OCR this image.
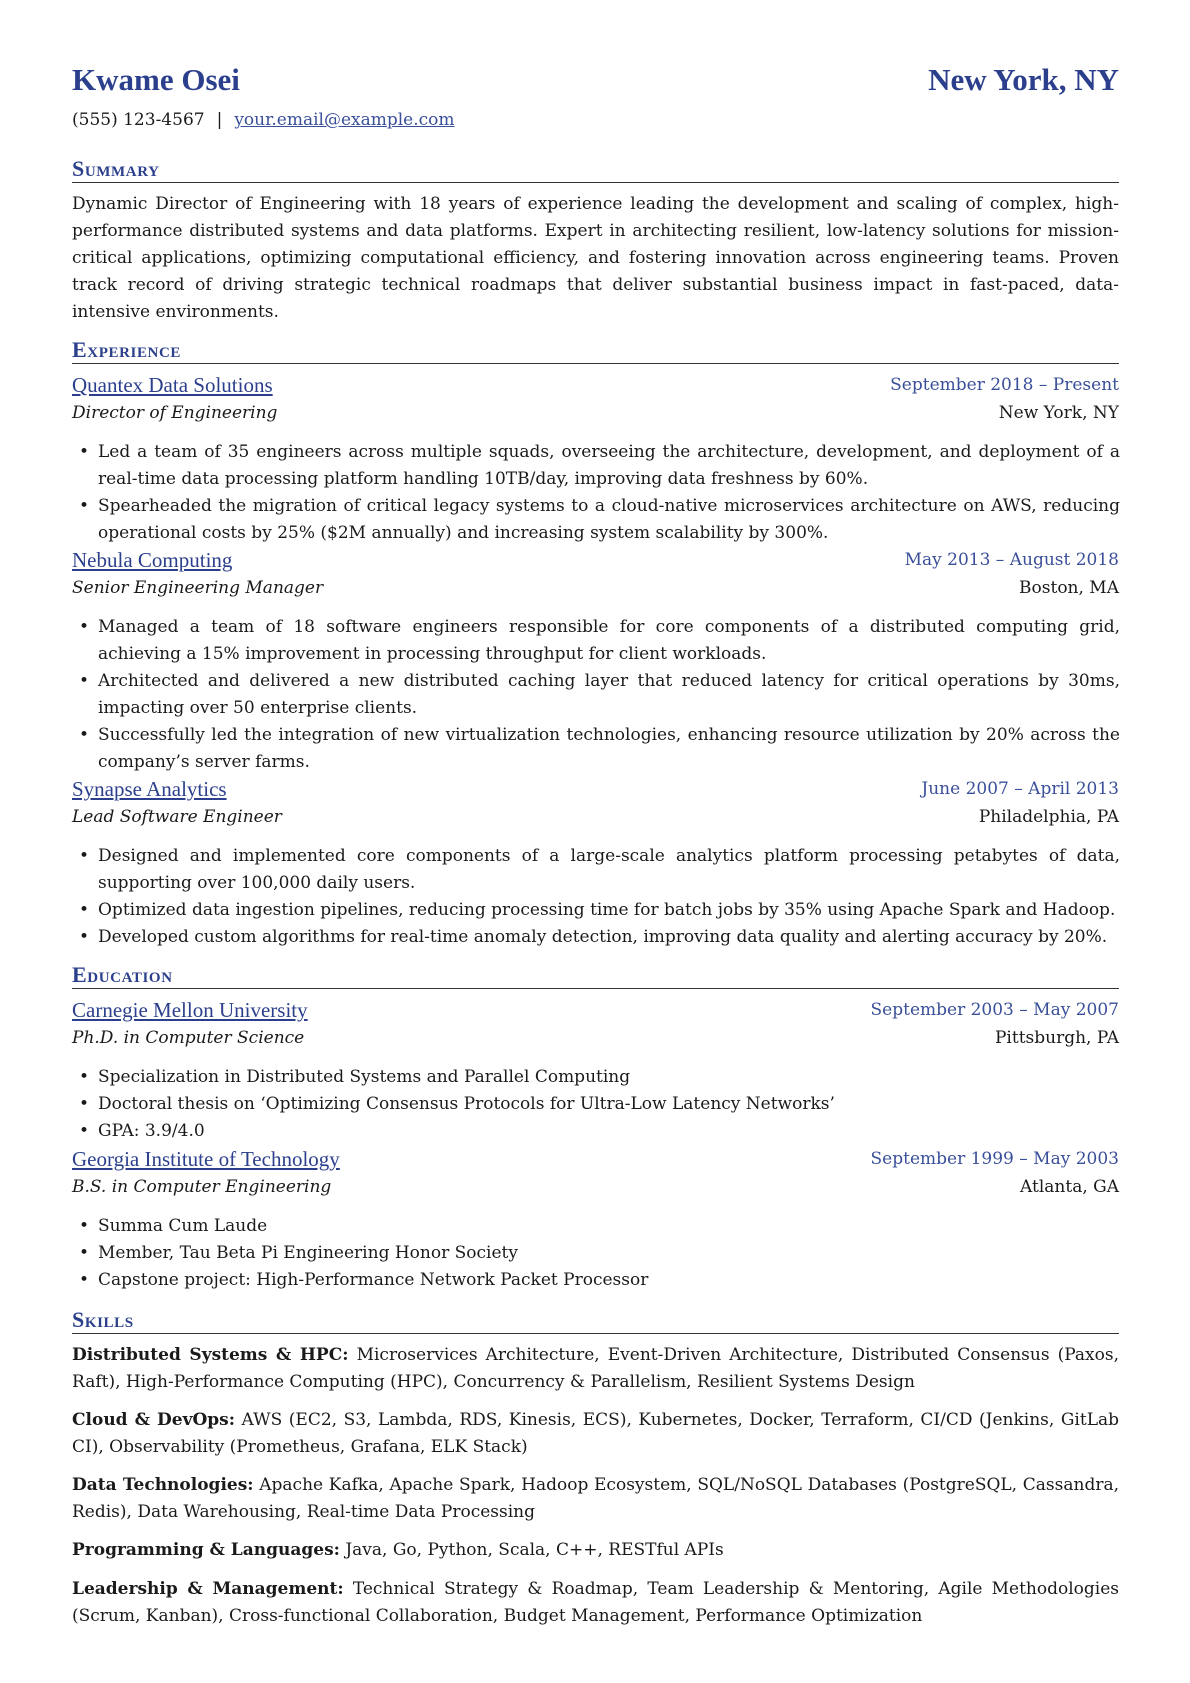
Kwame Osei	New York, NY
(555) 123-4567 | your.email@example.com
Summary
Dynamic Director of Engineering with 18 years of experience leading the development and scaling of complex, high-performance distributed systems and data platforms. Expert in architecting resilient, low-latency solutions for mission-critical applications, optimizing computational efficiency, and fostering innovation across engineering teams. Proven track record of driving strategic technical roadmaps that deliver substantial business impact in fast-paced, data-intensive environments.
Experience
Quantex Data Solutions	September 2018 – Present
Director of Engineering	New York, NY
• Led a team of 35 engineers across multiple squads, overseeing the architecture, development, and deployment of a real-time data processing platform handling 10TB/day, improving data freshness by 60%.
• Spearheaded the migration of critical legacy systems to a cloud-native microservices architecture on AWS, reducing operational costs by 25% ($2M annually) and increasing system scalability by 300%.
Nebula Computing	May 2013 – August 2018
Senior Engineering Manager	Boston, MA
• Managed a team of 18 software engineers responsible for core components of a distributed computing grid, achieving a 15% improvement in processing throughput for client workloads.
• Architected and delivered a new distributed caching layer that reduced latency for critical operations by 30ms, impacting over 50 enterprise clients.
• Successfully led the integration of new virtualization technologies, enhancing resource utilization by 20% across the company’s server farms.
Synapse Analytics	June 2007 – April 2013
Lead Software Engineer	Philadelphia, PA
• Designed and implemented core components of a large-scale analytics platform processing petabytes of data, supporting over 100,000 daily users.
• Optimized data ingestion pipelines, reducing processing time for batch jobs by 35% using Apache Spark and Hadoop.
• Developed custom algorithms for real-time anomaly detection, improving data quality and alerting accuracy by 20%.
Education
Carnegie Mellon University	September 2003 – May 2007
Ph.D. in Computer Science	Pittsburgh, PA
• Specialization in Distributed Systems and Parallel Computing
• Doctoral thesis on ‘Optimizing Consensus Protocols for Ultra-Low Latency Networks’
• GPA: 3.9/4.0
Georgia Institute of Technology	September 1999 – May 2003
B.S. in Computer Engineering	Atlanta, GA
• Summa Cum Laude
• Member, Tau Beta Pi Engineering Honor Society
• Capstone project: High-Performance Network Packet Processor
Skills
Distributed Systems & HPC: Microservices Architecture, Event-Driven Architecture, Distributed Consensus (Paxos, Raft), High-Performance Computing (HPC), Concurrency & Parallelism, Resilient Systems Design
Cloud & DevOps: AWS (EC2, S3, Lambda, RDS, Kinesis, ECS), Kubernetes, Docker, Terraform, CI/CD (Jenkins, GitLab CI), Observability (Prometheus, Grafana, ELK Stack)
Data Technologies: Apache Kafka, Apache Spark, Hadoop Ecosystem, SQL/NoSQL Databases (PostgreSQL, Cassandra, Redis), Data Warehousing, Real-time Data Processing
Programming & Languages: Java, Go, Python, Scala, C++, RESTful APIs
Leadership & Management: Technical Strategy & Roadmap, Team Leadership & Mentoring, Agile Methodologies (Scrum, Kanban), Cross-functional Collaboration, Budget Management, Performance Optimization
